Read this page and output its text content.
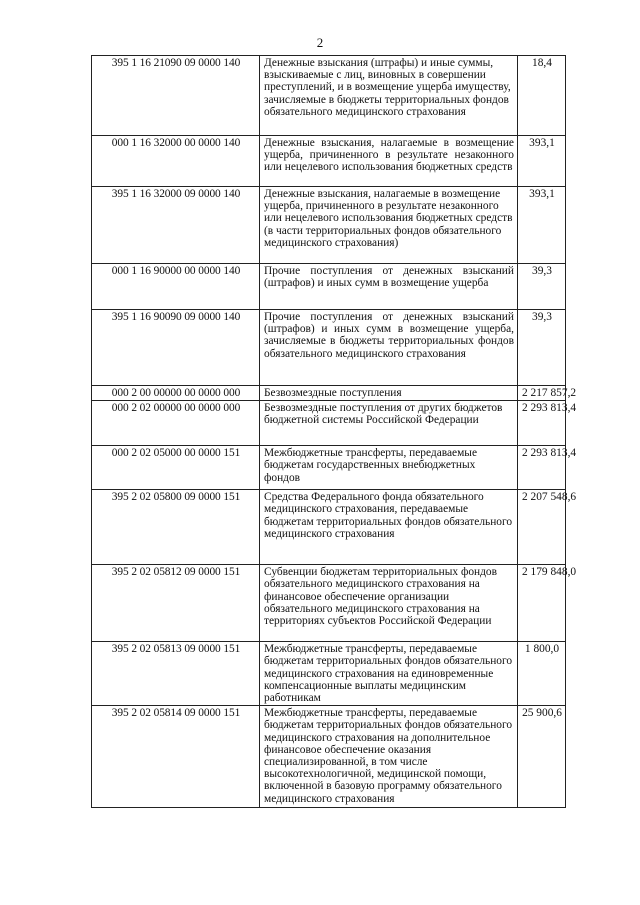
2
395 1 16 21090 09 0000 140	Денежные взыскания (штрафы) и иные суммы, взыскиваемые с лиц, виновных в совершении преступлений, и в возмещение ущерба имуществу, зачисляемые в бюджеты территориальных фондов обязательного медицинского страхования	18,4
000 1 16 32000 00 0000 140	Денежные взыскания, налагаемые в возмещение ущерба, причиненного в результате незаконного или нецелевого использования бюджетных средств	393,1
395 1 16 32000 09 0000 140	Денежные взыскания, налагаемые в возмещение ущерба, причиненного в результате незаконного или нецелевого использования бюджетных средств (в части территориальных фондов обязательного медицинского страхования)	393,1
000 1 16 90000 00 0000 140	Прочие поступления от денежных взысканий (штрафов) и иных сумм в возмещение ущерба	39,3
395 1 16 90090 09 0000 140	Прочие поступления от денежных взысканий (штрафов) и иных сумм в возмещение ущерба, зачисляемые в бюджеты территориальных фондов обязательного медицинского страхования	39,3
000 2 00 00000 00 0000 000	Безвозмездные поступления	2 217 857,2
000 2 02 00000 00 0000 000	Безвозмездные поступления от других бюджетов бюджетной системы Российской Федерации	2 293 813,4
000 2 02 05000 00 0000 151	Межбюджетные трансферты, передаваемые бюджетам государственных внебюджетных фондов	2 293 813,4
395 2 02 05800 09 0000 151	Средства Федерального фонда обязательного медицинского страхования, передаваемые бюджетам территориальных фондов обязательного медицинского страхования	2 207 548,6
395 2 02 05812 09 0000 151	Субвенции бюджетам территориальных фондов обязательного медицинского страхования на финансовое обеспечение организации обязательного медицинского страхования на территориях субъектов Российской Федерации	2 179 848,0
395 2 02 05813 09 0000 151	Межбюджетные трансферты, передаваемые бюджетам территориальных фондов обязательного медицинского страхования на единовременные компенсационные выплаты медицинским работникам	1 800,0
395 2 02 05814 09 0000 151	Межбюджетные трансферты, передаваемые бюджетам территориальных фондов обязательного медицинского страхования на дополнительное финансовое обеспечение оказания специализированной, в том числе высокотехнологичной, медицинской помощи, включенной в базовую программу обязательного медицинского страхования	25 900,6
